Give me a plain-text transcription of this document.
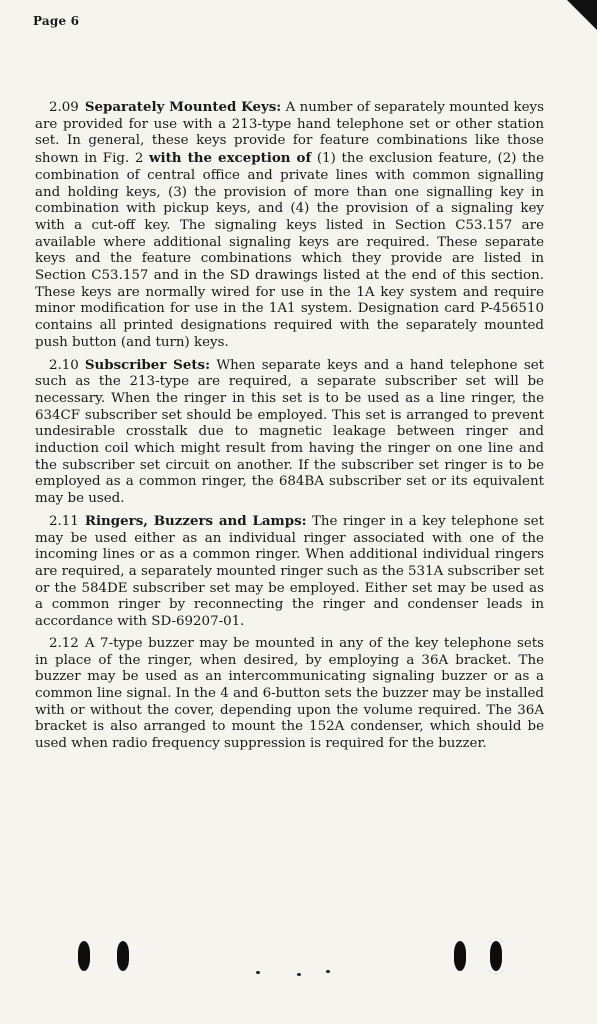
Page 6

2.09 Separately Mounted Keys: A number of separately mounted keys are provided for use with a 213-type hand telephone set or other station set. In general, these keys provide for feature combinations like those shown in Fig. 2 with the exception of (1) the exclusion feature, (2) the combination of central office and private lines with common signalling and holding keys, (3) the provision of more than one signalling key in combination with pickup keys, and (4) the provision of a signaling key with a cut-off key. The signaling keys listed in Section C53.157 are available where additional signaling keys are required. These separate keys and the feature combinations which they provide are listed in Section C53.157 and in the SD drawings listed at the end of this section. These keys are normally wired for use in the 1A key system and require minor modification for use in the 1A1 system. Designation card P-456510 contains all printed designations required with the separately mounted push button (and turn) keys.

2.10 Subscriber Sets: When separate keys and a hand telephone set such as the 213-type are required, a separate subscriber set will be necessary. When the ringer in this set is to be used as a line ringer, the 634CF subscriber set should be employed. This set is arranged to prevent undesirable crosstalk due to magnetic leakage between ringer and induction coil which might result from having the ringer on one line and the subscriber set circuit on another. If the subscriber set ringer is to be employed as a common ringer, the 684BA subscriber set or its equivalent may be used.

2.11 Ringers, Buzzers and Lamps: The ringer in a key telephone set may be used either as an individual ringer associated with one of the incoming lines or as a common ringer. When additional individual ringers are required, a separately mounted ringer such as the 531A subscriber set or the 584DE subscriber set may be employed. Either set may be used as a common ringer by reconnecting the ringer and condenser leads in accordance with SD-69207-01.

2.12 A 7-type buzzer may be mounted in any of the key telephone sets in place of the ringer, when desired, by employing a 36A bracket. The buzzer may be used as an intercommunicating signaling buzzer or as a common line signal. In the 4 and 6-button sets the buzzer may be installed with or without the cover, depending upon the volume required. The 36A bracket is also arranged to mount the 152A condenser, which should be used when radio frequency suppression is required for the buzzer.
